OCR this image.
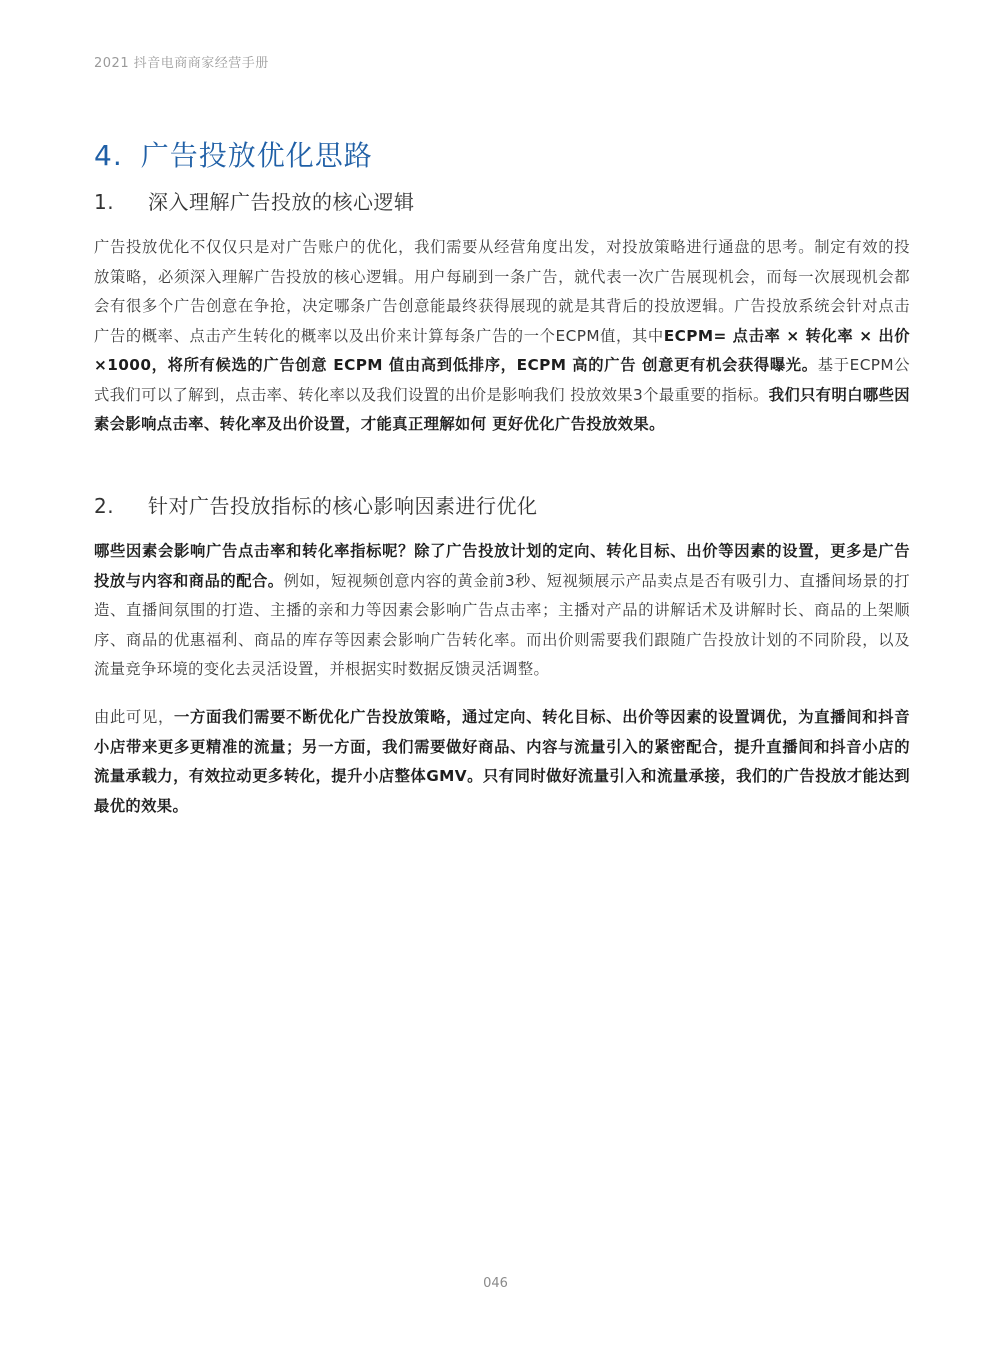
2021 抖音电商商家经营手册
4. 广告投放优化思路
1. 深入理解广告投放的核心逻辑

广告投放优化不仅仅只是对广告账户的优化，我们需要从经营角度出发，对投放策略进行通盘的思考。制定有效的投放策略，必须深入理解广告投放的核心逻辑。用户每刷到一条广告，就代表一次广告展现机会，而每一次展现机会都会有很多个广告创意在争抢，决定哪条广告创意能最终获得展现的就是其背后的投放逻辑。广告投放系统会针对点击广告的概率、点击产生转化的概率以及出价来计算每条广告的一个ECPM值，其中ECPM= 点击率 × 转化率 × 出价 ×1000，将所有候选的广告创意 ECPM 值由高到低排序，ECPM 高的广告 创意更有机会获得曝光。基于ECPM公式我们可以了解到，点击率、转化率以及我们设置的出价是影响我们 投放效果3个最重要的指标。我们只有明白哪些因素会影响点击率、转化率及出价设置，才能真正理解如何 更好优化广告投放效果。

2. 针对广告投放指标的核心影响因素进行优化

哪些因素会影响广告点击率和转化率指标呢？除了广告投放计划的定向、转化目标、出价等因素的设置，更多是广告投放与内容和商品的配合。例如，短视频创意内容的黄金前3秒、短视频展示产品卖点是否有吸引力、直播间场景的打造、直播间氛围的打造、主播的亲和力等因素会影响广告点击率；主播对产品的讲解话术及讲解时长、商品的上架顺序、商品的优惠福利、商品的库存等因素会影响广告转化率。而出价则需要我们跟随广告投放计划的不同阶段，以及流量竞争环境的变化去灵活设置，并根据实时数据反馈灵活调整。

由此可见，一方面我们需要不断优化广告投放策略，通过定向、转化目标、出价等因素的设置调优，为直播间和抖音小店带来更多更精准的流量；另一方面，我们需要做好商品、内容与流量引入的紧密配合，提升直播间和抖音小店的流量承载力，有效拉动更多转化，提升小店整体GMV。只有同时做好流量引入和流量承接，我们的广告投放才能达到最优的效果。

046
